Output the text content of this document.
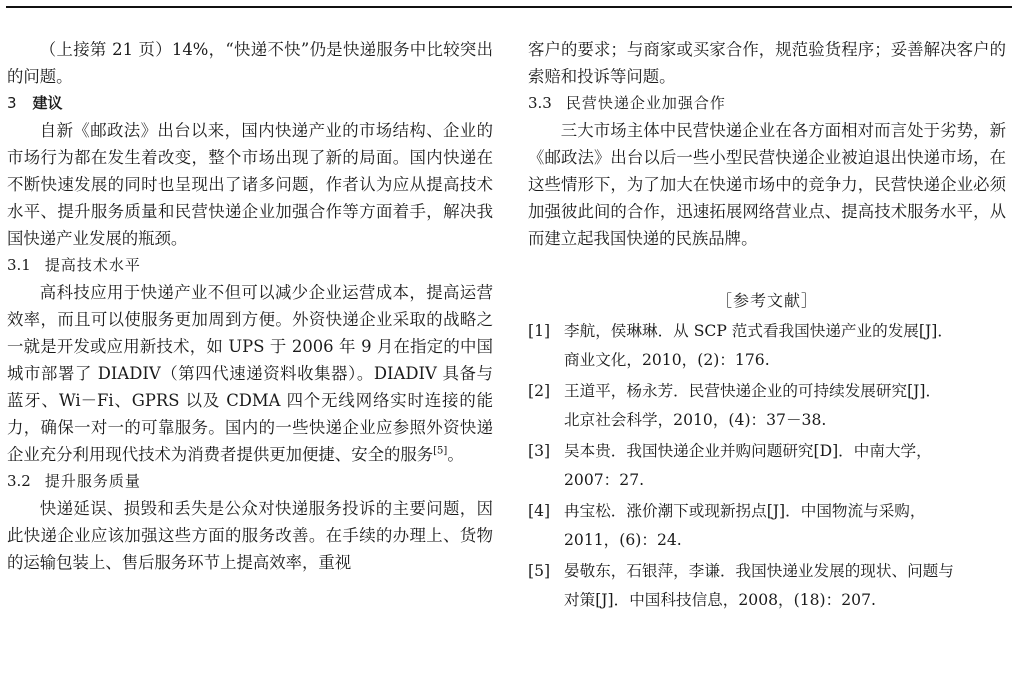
（上接第 21 页）14%，“快递不快”仍是快递服务中比较突出的问题。

3 建议

自新《邮政法》出台以来，国内快递产业的市场结构、企业的市场行为都在发生着改变，整个市场出现了新的局面。国内快递在不断快速发展的同时也呈现出了诸多问题，作者认为应从提高技术水平、提升服务质量和民营快递企业加强合作等方面着手，解决我国快递产业发展的瓶颈。

3.1 提高技术水平

高科技应用于快递产业不但可以减少企业运营成本，提高运营效率，而且可以使服务更加周到方便。外资快递企业采取的战略之一就是开发或应用新技术，如 UPS 于 2006 年 9 月在指定的中国城市部署了 DIADIV（第四代速递资料收集器）。DIADIV 具备与蓝牙、Wi－Fi、GPRS 以及 CDMA 四个无线网络实时连接的能力，确保一对一的可靠服务。国内的一些快递企业应参照外资快递企业充分利用现代技术为消费者提供更加便捷、安全的服务[5]。

3.2 提升服务质量

快递延误、损毁和丢失是公众对快递服务投诉的主要问题，因此快递企业应该加强这些方面的服务改善。在手续的办理上、货物的运输包装上、售后服务环节上提高效率，重视

客户的要求；与商家或买家合作，规范验货程序；妥善解决客户的索赔和投诉等问题。

3.3 民营快递企业加强合作

三大市场主体中民营快递企业在各方面相对而言处于劣势，新《邮政法》出台以后一些小型民营快递企业被迫退出快递市场，在这些情形下，为了加大在快递市场中的竞争力，民营快递企业必须加强彼此间的合作，迅速拓展网络营业点、提高技术服务水平，从而建立起我国快递的民族品牌。

［参考文献］
[1] 李航，侯琳琳．从 SCP 范式看我国快递产业的发展[J]．
商业文化，2010，(2)：176.
[2] 王道平，杨永芳．民营快递企业的可持续发展研究[J]．
北京社会科学，2010，(4)：37－38.
[3] 吴本贵．我国快递企业并购问题研究[D]．中南大学，
2007：27.
[4] 冉宝松．涨价潮下或现新拐点[J]．中国物流与采购，
2011，(6)：24.
[5] 晏敬东，石银萍，李谦．我国快递业发展的现状、问题与
对策[J]．中国科技信息，2008，(18)：207.
